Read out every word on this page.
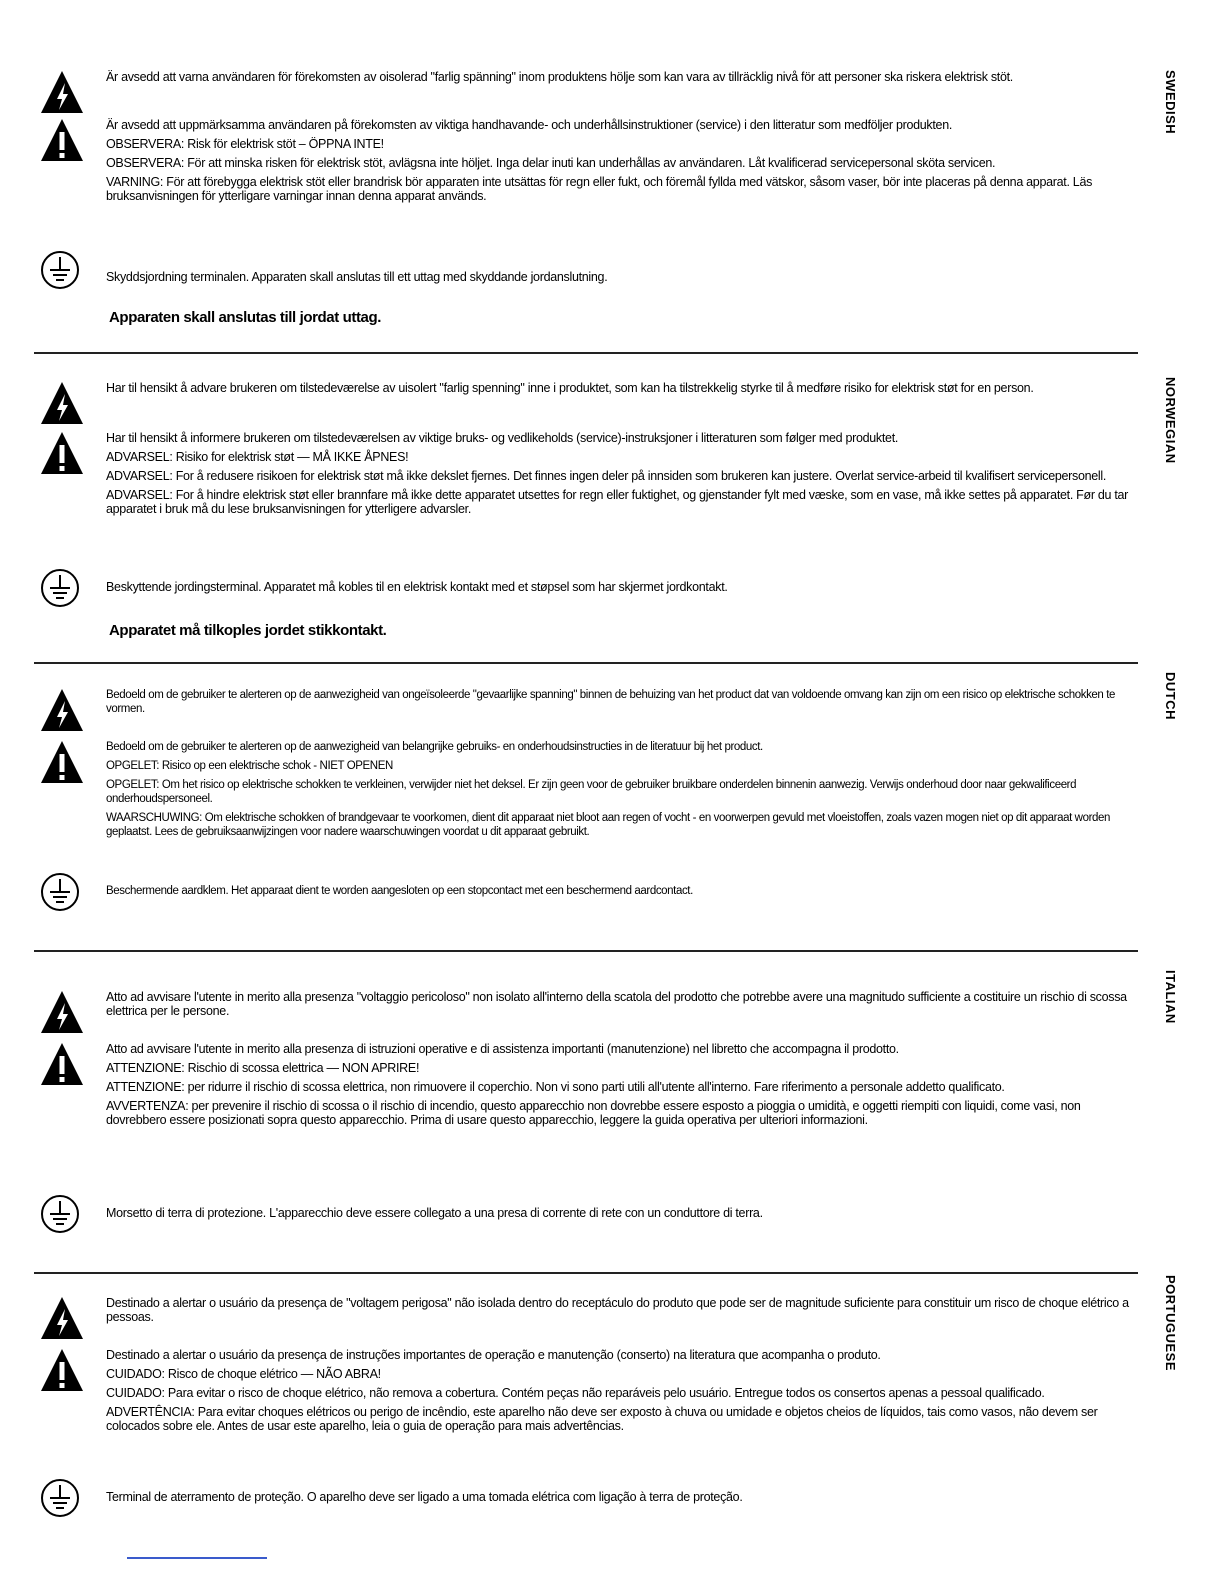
SWEDISH
Är avsedd att varna användaren för förekomsten av oisolerad "farlig spänning" inom produktens hölje som kan vara av tillräcklig nivå för att personer ska riskera elektrisk stöt.
Är avsedd att uppmärksamma användaren på förekomsten av viktiga handhavande- och underhållsinstruktioner (service) i den litteratur som medföljer produkten.
OBSERVERA: Risk för elektrisk stöt – ÖPPNA INTE!
OBSERVERA: För att minska risken för elektrisk stöt, avlägsna inte höljet. Inga delar inuti kan underhållas av användaren. Låt kvalificerad servicepersonal sköta servicen.
VARNING: För att förebygga elektrisk stöt eller brandrisk bör apparaten inte utsättas för regn eller fukt, och föremål fyllda med vätskor, såsom vaser, bör inte placeras på denna apparat. Läs bruksanvisningen för ytterligare varningar innan denna apparat används.
Skyddsjordning terminalen. Apparaten skall anslutas till ett uttag med skyddande jordanslutning.
Apparaten skall anslutas till jordat uttag.
NORWEGIAN
Har til hensikt å advare brukeren om tilstedeværelse av uisolert "farlig spenning" inne i produktet, som kan ha tilstrekkelig styrke til å medføre risiko for elektrisk støt for en person.
Har til hensikt å informere brukeren om tilstedeværelsen av viktige bruks- og vedlikeholds (service)-instruksjoner i litteraturen som følger med produktet.
ADVARSEL: Risiko for elektrisk støt — MÅ IKKE ÅPNES!
ADVARSEL: For å redusere risikoen for elektrisk støt må ikke dekslet fjernes. Det finnes ingen deler på innsiden som brukeren kan justere. Overlat service-arbeid til kvalifisert servicepersonell.
ADVARSEL: For å hindre elektrisk støt eller brannfare må ikke dette apparatet utsettes for regn eller fuktighet, og gjenstander fylt med væske, som en vase, må ikke settes på apparatet. Før du tar apparatet i bruk må du lese bruksanvisningen for ytterligere advarsler.
Beskyttende jordingsterminal. Apparatet må kobles til en elektrisk kontakt med et støpsel som har skjermet jordkontakt.
Apparatet må tilkoples jordet stikkontakt.
DUTCH
Bedoeld om de gebruiker te alerteren op de aanwezigheid van ongeïsoleerde "gevaarlijke spanning" binnen de behuizing van het product dat van voldoende omvang kan zijn om een risico op elektrische schokken te vormen.
Bedoeld om de gebruiker te alerteren op de aanwezigheid van belangrijke gebruiks- en onderhoudsinstructies in de literatuur bij het product.
OPGELET: Risico op een elektrische schok - NIET OPENEN
OPGELET: Om het risico op elektrische schokken te verkleinen, verwijder niet het deksel. Er zijn geen voor de gebruiker bruikbare onderdelen binnenin aanwezig. Verwijs onderhoud door naar gekwalificeerd onderhoudspersoneel.
WAARSCHUWING: Om elektrische schokken of brandgevaar te voorkomen, dient dit apparaat niet bloot aan regen of vocht - en voorwerpen gevuld met vloeistoffen, zoals vazen mogen niet op dit apparaat worden geplaatst. Lees de gebruiksaanwijzingen voor nadere waarschuwingen voordat u dit apparaat gebruikt.
Beschermende aardklem. Het apparaat dient te worden aangesloten op een stopcontact met een beschermend aardcontact.
ITALIAN
Atto ad avvisare l'utente in merito alla presenza "voltaggio pericoloso" non isolato all'interno della scatola del prodotto che potrebbe avere una magnitudo sufficiente a costituire un rischio di scossa elettrica per le persone.
Atto ad avvisare l'utente in merito alla presenza di istruzioni operative e di assistenza importanti (manutenzione) nel libretto che accompagna il prodotto.
ATTENZIONE: Rischio di scossa elettrica — NON APRIRE!
ATTENZIONE: per ridurre il rischio di scossa elettrica, non rimuovere il coperchio. Non vi sono parti utili all'utente all'interno. Fare riferimento a personale addetto qualificato.
AVVERTENZA: per prevenire il rischio di scossa o il rischio di incendio, questo apparecchio non dovrebbe essere esposto a pioggia o umidità, e oggetti riempiti con liquidi, come vasi, non dovrebbero essere posizionati sopra questo apparecchio. Prima di usare questo apparecchio, leggere la guida operativa per ulteriori informazioni.
Morsetto di terra di protezione. L'apparecchio deve essere collegato a una presa di corrente di rete con un conduttore di terra.
PORTUGUESE
Destinado a alertar o usuário da presença de "voltagem perigosa" não isolada dentro do receptáculo do produto que pode ser de magnitude suficiente para constituir um risco de choque elétrico a pessoas.
Destinado a alertar o usuário da presença de instruções importantes de operação e manutenção (conserto) na literatura que acompanha o produto.
CUIDADO: Risco de choque elétrico — NÃO ABRA!
CUIDADO: Para evitar o risco de choque elétrico, não remova a cobertura. Contém peças não reparáveis pelo usuário. Entregue todos os consertos apenas a pessoal qualificado.
ADVERTÊNCIA: Para evitar choques elétricos ou perigo de incêndio, este aparelho não deve ser exposto à chuva ou umidade e objetos cheios de líquidos, tais como vasos, não devem ser colocados sobre ele. Antes de usar este aparelho, leia o guia de operação para mais advertências.
Terminal de aterramento de proteção. O aparelho deve ser ligado a uma tomada elétrica com ligação à terra de proteção.
